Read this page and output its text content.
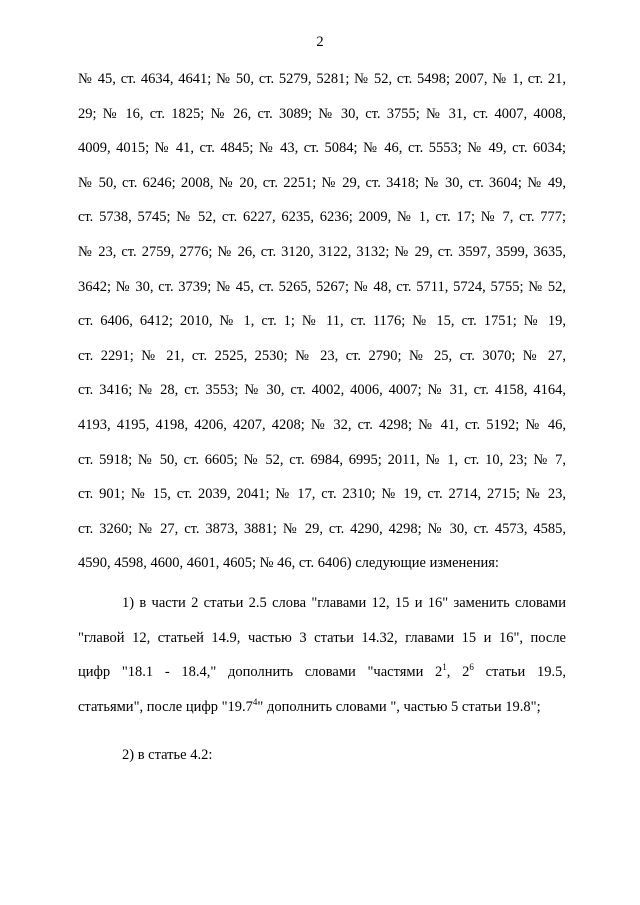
2
№ 45, ст. 4634, 4641; № 50, ст. 5279, 5281; № 52, ст. 5498; 2007, № 1, ст. 21,
29; № 16, ст. 1825; № 26, ст. 3089; № 30, ст. 3755; № 31, ст. 4007, 4008,
4009, 4015; № 41, ст. 4845; № 43, ст. 5084; № 46, ст. 5553; № 49, ст. 6034;
№ 50, ст. 6246; 2008, № 20, ст. 2251; № 29, ст. 3418; № 30, ст. 3604; № 49,
ст. 5738, 5745; № 52, ст. 6227, 6235, 6236; 2009, № 1, ст. 17; № 7, ст. 777;
№ 23, ст. 2759, 2776; № 26, ст. 3120, 3122, 3132; № 29, ст. 3597, 3599, 3635,
3642; № 30, ст. 3739; № 45, ст. 5265, 5267; № 48, ст. 5711, 5724, 5755; № 52,
ст. 6406, 6412; 2010, № 1, ст. 1; № 11, ст. 1176; № 15, ст. 1751; № 19,
ст. 2291; № 21, ст. 2525, 2530; № 23, ст. 2790; № 25, ст. 3070; № 27,
ст. 3416; № 28, ст. 3553; № 30, ст. 4002, 4006, 4007; № 31, ст. 4158, 4164,
4193, 4195, 4198, 4206, 4207, 4208; № 32, ст. 4298; № 41, ст. 5192; № 46,
ст. 5918; № 50, ст. 6605; № 52, ст. 6984, 6995; 2011, № 1, ст. 10, 23; № 7,
ст. 901; № 15, ст. 2039, 2041; № 17, ст. 2310; № 19, ст. 2714, 2715; № 23,
ст. 3260; № 27, ст. 3873, 3881; № 29, ст. 4290, 4298; № 30, ст. 4573, 4585,
4590, 4598, 4600, 4601, 4605; № 46, ст. 6406) следующие изменения:
1) в части 2 статьи 2.5 слова "главами 12, 15 и 16" заменить словами
"главой 12, статьей 14.9, частью 3 статьи 14.32, главами 15 и 16", после
цифр "18.1 - 18.4," дополнить словами "частями $2^1$, $2^6$ статьи 19.5,
статьями", после цифр "19.7$^4$" дополнить словами ", частью 5 статьи 19.8";
2) в статье 4.2:
